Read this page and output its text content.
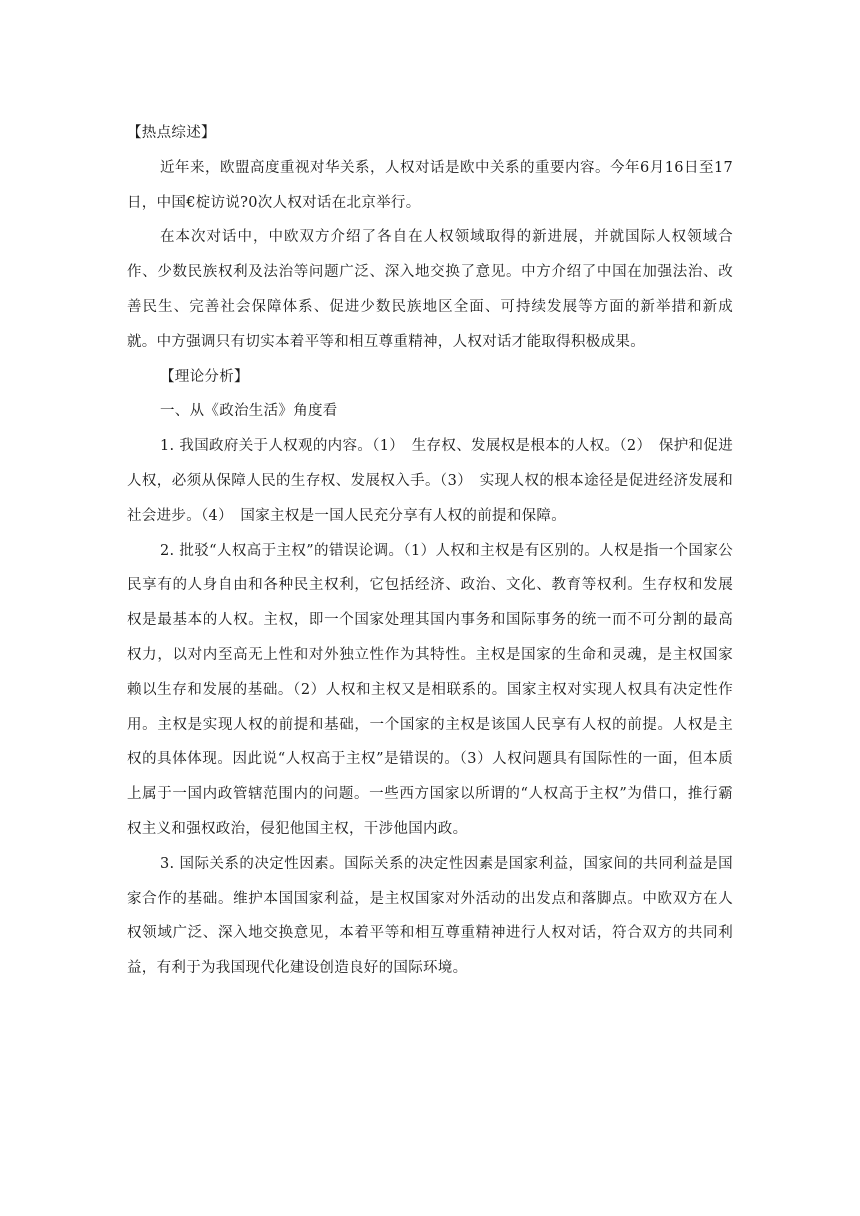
【热点综述】

近年来，欧盟高度重视对华关系，人权对话是欧中关系的重要内容。今年6月16日至17日，中国€椗访说?0次人权对话在北京举行。

在本次对话中，中欧双方介绍了各自在人权领域取得的新进展，并就国际人权领域合作、少数民族权利及法治等问题广泛、深入地交换了意见。中方介绍了中国在加强法治、改善民生、完善社会保障体系、促进少数民族地区全面、可持续发展等方面的新举措和新成就。中方强调只有切实本着平等和相互尊重精神，人权对话才能取得积极成果。

【理论分析】

一、从《政治生活》角度看

1. 我国政府关于人权观的内容。（1）　生存权、发展权是根本的人权。（2）　保护和促进人权，必须从保障人民的生存权、发展权入手。（3）　实现人权的根本途径是促进经济发展和社会进步。（4）　国家主权是一国人民充分享有人权的前提和保障。

2. 批驳“人权高于主权”的错误论调。（1）人权和主权是有区别的。人权是指一个国家公民享有的人身自由和各种民主权利，它包括经济、政治、文化、教育等权利。生存权和发展权是最基本的人权。主权，即一个国家处理其国内事务和国际事务的统一而不可分割的最高权力，以对内至高无上性和对外独立性作为其特性。主权是国家的生命和灵魂，是主权国家赖以生存和发展的基础。（2）人权和主权又是相联系的。国家主权对实现人权具有决定性作用。主权是实现人权的前提和基础，一个国家的主权是该国人民享有人权的前提。人权是主权的具体体现。因此说“人权高于主权”是错误的。（3）人权问题具有国际性的一面，但本质上属于一国内政管辖范围内的问题。一些西方国家以所谓的“人权高于主权”为借口，推行霸权主义和强权政治，侵犯他国主权，干涉他国内政。

3. 国际关系的决定性因素。国际关系的决定性因素是国家利益，国家间的共同利益是国家合作的基础。维护本国国家利益，是主权国家对外活动的出发点和落脚点。中欧双方在人权领域广泛、深入地交换意见，本着平等和相互尊重精神进行人权对话，符合双方的共同利益，有利于为我国现代化建设创造良好的国际环境。
